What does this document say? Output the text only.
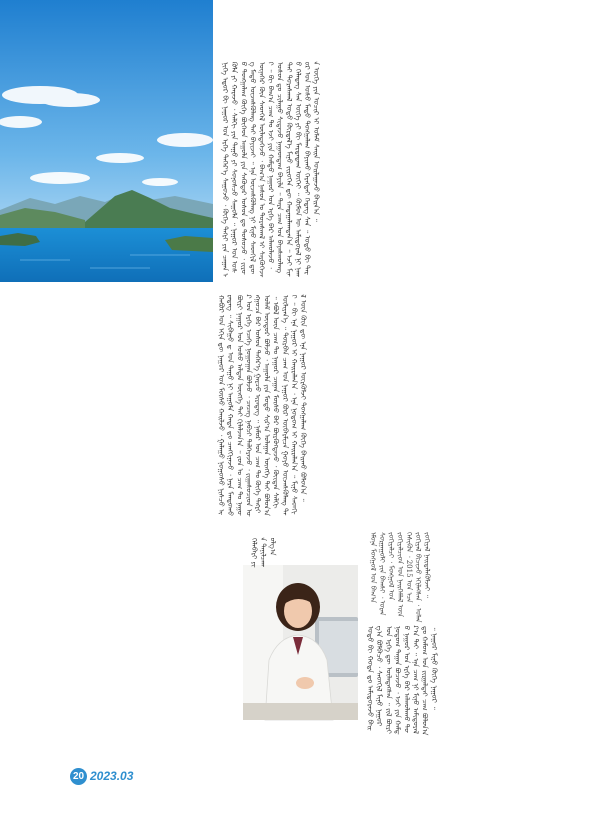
ᠨᠢᠭᠡ ᠡᠳᠦᠷ ᠪᠢ ᠨᠠᠭᠤᠷ ᠤᠨ ᠡᠷᠭᠡ ᠳᠡᠭᠡᠷ᠎ᠡ ᠰᠠᠭᠤᠵᠤ ᠂ ᠬᠥᠬᠡ ᠲᠩᠷᠢ ᠶᠢᠨ ᠴᠠᠭᠠᠨ ᠡᠭᠦᠯᠡ ᠶᠢ ᠬᠠᠷᠠᠵᠤ ᠂ ᠰᠠᠯᠬᠢ ᠶᠢᠨ ᠳᠠᠭᠤ ᠶᠢ ᠰᠣᠨᠣᠰᠴᠤ ᠰᠠᠭᠤᠯᠠ ᠃ ᠨᠠᠭᠤᠷ ᠤᠨ ᠤᠰᠤ ᠲᠤᠩᠭᠠᠯᠠᠭ ᠬᠥᠬᠡ ᠪᠥᠭᠡᠳ ᠠᠭᠤᠯᠠ ᠶᠢᠨ ᠰᠡᠭᠦᠳᠡᠷ ᠤᠰᠤᠨ ᠳᠤ ᠲᠤᠰᠤᠵᠤ ᠂ ᠵᠢᠷᠤᠭ ᠮᠡᠲᠦ ᠦᠵᠡᠰᠬᠦᠯᠡᠩ ᠲᠡᠢ ᠪᠠᠶᠢᠵᠠᠢ ᠃ ᠡᠨᠡ ᠦᠵᠡᠰᠬᠦᠯᠡᠩ ᠨᠢ ᠮᠢᠨᠤ ᠰᠡᠳᠬᠢᠯ ᠳᠦ ᠦᠨᠡᠬᠡᠷ ᠭᠦᠨ ᠰᠡᠳᠭᠡᠯ ᠦᠯᠡᠳᠡᠭᠡᠵᠦ ᠂ ᠪᠠᠭ᠎ᠠ ᠨᠠᠰᠤᠨ ᠤ ᠳᠤᠷᠠᠰᠬᠠᠯ ᠢ ᠰᠡᠷᠭᠦᠭᠡᠵᠡᠢ ᠃ ᠪᠢ ᠪᠠᠭ᠎ᠠ ᠴᠠᠭ ᠲᠤ ᠡᠵᠢ ᠶᠢᠨ ᠬᠠᠮᠲᠤ ᠨᠠᠭᠤᠷ ᠤᠨ ᠡᠷᠭᠡ ᠪᠡᠷ ᠠᠯᠬᠤᠯᠠᠵᠤ ᠂ ᠤᠰᠤᠨ ᠳᠤ ᠴᠢᠯᠠᠭᠤ ᠰᠢᠳᠡᠵᠦ ᠨᠠᠭᠠᠳᠳᠠᠭ ᠪᠠᠶᠢᠯᠠ ᠃ ᠲᠡᠷᠡ ᠴᠠᠭ ᠤᠨ ᠪᠠᠶᠠᠰᠬᠤᠯᠠᠩ ᠲᠠᠢ ᠳᠤᠷᠠᠰᠬᠠᠯ ᠣᠳᠣ ᠬᠦᠷᠲᠡᠯ᠎ᠡ ᠮᠢᠨᠤ ᠵᠢᠷᠦᠬᠡᠨ ᠳᠦ ᠬᠠᠳᠠᠭᠠᠯᠠᠭᠳᠠᠨ᠎ᠠ ᠃ ᠡᠵᠢ ᠮᠢᠨᠤ ᠬᠡᠯᠡᠳᠡᠭ ᠰᠡᠨ ᠦᠭᠡ ᠶᠢ ᠪᠢ ᠮᠠᠷᠲᠠᠳᠠᠭ ᠦᠭᠡᠢ ᠃ ᠬᠦᠮᠦᠨ ᠦ ᠠᠮᠢᠳᠤᠷᠠᠯ ᠨᠢ ᠨᠠᠭᠤᠷ ᠤᠨ ᠤᠰᠤ ᠮᠡᠲᠦ ᠲᠤᠩᠭᠠᠯᠠᠭ ᠪᠠᠶᠢᠬᠤ ᠬᠡᠷᠡᠭᠲᠡᠢ ᠭᠡᠳᠡᠭ ᠰᠡᠨ ᠃ ᠣᠳᠣ ᠪᠢ ᠲᠡᠷᠡ ᠦᠭᠡ ᠶᠢᠨ ᠤᠴᠢᠷ ᠢ ᠤᠯᠠᠮ ᠰᠠᠢᠨ ᠣᠢᠯᠠᠭᠠᠵᠤ ᠪᠠᠢᠨ᠎ᠠ ᠃
ᠬᠠᠪᠤᠷ ᠤᠨ ᠡᠬᠢᠨ ᠳᠦ ᠨᠠᠭᠤᠷ ᠤᠨ ᠮᠥᠰᠦ ᠬᠠᠢᠯᠵᠤ ᠂ ᠭᠠᠯᠠᠭᠤ ᠨᠤᠭᠤᠰᠤ ᠨᠢᠰᠴᠤ ᠢᠷᠡᠳᠡᠭ ᠃ ᠰᠢᠪᠠᠭᠤ ᠳ ᠤᠨ ᠳᠠᠭᠤ ᠨᠢ ᠠᠭᠤᠯᠠ ᠬᠠᠳᠠ ᠳᠤ ᠴᠠᠩᠭᠢᠨᠠᠵᠤ ᠂ ᠨᠠᠷᠠ ᠮᠠᠨᠳᠤᠬᠤ ᠪᠦᠷᠢ ᠨᠠᠭᠤᠷ ᠤᠨ ᠤᠰᠤ ᠠᠯᠲᠠᠨ ᠥᠩᠭᠡ ᠲᠡᠢ ᠭᠢᠯᠠᠯᠵᠠᠨ᠎ᠠ ᠃ ᠵᠤᠨ ᠤ ᠴᠠᠭ ᠲᠤ ᠨᠠᠭᠤᠷ ᠤᠨ ᠡᠷᠭᠡ ᠡᠴᠡᠭᠡ ᠨᠣᠭᠣᠭᠠᠨ ᠪᠣᠯᠵᠤ ᠂ ᠴᠡᠴᠡᠭ ᠨᠠᠪᠴᠢ ᠳᠡᠯᠭᠡᠷᠡᠵᠦ ᠂ ᠵᠢᠭᠠᠰᠤᠴᠢᠳ ᠣᠩᠭᠣᠴᠠ ᠪᠠᠷ ᠤᠰᠤᠨ ᠳᠡᠭᠡᠷ᠎ᠡ ᠭᠠᠷᠴᠤ ᠢᠷᠡᠳᠡᠭ ᠃ ᠨᠠᠮᠤᠷ ᠤᠨ ᠴᠠᠭ ᠲᠤ ᠬᠥᠬᠡ ᠲᠩᠷᠢ ᠤᠯᠠᠮ ᠥᠨᠳᠦᠷ ᠪᠣᠯᠵᠤ ᠂ ᠠᠭᠤᠯᠠ ᠶᠢᠨ ᠮᠣᠳᠤ ᠰᠢᠷ᠎ᠠ ᠤᠯᠠᠭᠠᠨ ᠥᠩᠭᠡ ᠲᠡᠢ ᠪᠣᠯᠣᠨ᠎ᠠ ᠃ ᠡᠪᠦᠯ ᠦᠨ ᠴᠠᠭ ᠲᠤ ᠨᠠᠭᠤᠷ ᠴᠠᠭᠠᠨ ᠮᠥᠰᠦ ᠪᠡᠷ ᠪᠦᠷᠬᠦᠭᠳᠡᠵᠦ ᠂ ᠬᠦᠢᠲᠡᠨ ᠰᠠᠯᠬᠢ ᠦᠯᠢᠶᠡᠨ᠎ᠡ ᠃ ᠳᠥᠷᠪᠡᠨ ᠴᠠᠭ ᠤᠨ ᠨᠠᠭᠤᠷ ᠪᠦᠷ ᠥᠪᠡᠷᠮᠢᠴᠡ ᠭᠣᠶᠣ ᠦᠵᠡᠰᠬᠦᠯᠡᠩ ᠲᠡᠢ ᠃ ᠪᠢ ᠡᠨᠡ ᠨᠠᠭᠤᠷ ᠢ ᠬᠠᠢᠷᠠᠯᠠᠨ᠎ᠠ ᠂ ᠡᠨᠡ ᠨᠤᠲᠤᠭ ᠢ ᠬᠠᠢᠷᠠᠯᠠᠨ᠎ᠠ ᠃ ᠮᠢᠨᠤ ᠰᠡᠳᠬᠢᠯ ᠦᠨ ᠭᠦᠨ ᠳᠦ ᠡᠨᠡ ᠨᠠᠭᠤᠷ ᠦᠷᠭᠦᠯᠵᠢ ᠲᠤᠩᠭᠠᠯᠠᠭ ᠬᠥᠬᠡ ᠪᠠᠢᠬᠤ ᠪᠣᠯᠤᠨ᠎ᠠ ᠃
ᠡᠮᠦᠨᠡ ᠮᠣᠩᠭᠣᠯ ᠤᠨ ᠪᠠᠭ᠎ᠠ ᠰᠤᠷᠭᠠᠭᠤᠯᠢ ᠶᠢᠨ ᠪᠠᠭᠰᠢ ᠂ ᠤᠷᠠᠨ ᠵᠣᠬᠢᠶᠠᠯᠴᠢ ᠂ ᠮᠣᠩᠭᠣᠯ ᠤᠨ ᠵᠣᠬᠢᠶᠠᠯᠴᠢᠳ ᠤᠨ ᠨᠡᠢᠭᠡᠮᠯᠡᠯ ᠦᠨ ᠭᠡᠰᠢᠭᠦᠨ ᠂ 2015 ᠣᠨ ᠡᠴᠡ ᠵᠣᠬᠢᠶᠠᠯ ᠪᠢᠴᠢᠵᠦ ᠡᠬᠢᠯᠡᠭᠰᠡᠨ ᠂ ᠣᠯᠠᠨ ᠵᠣᠬᠢᠶᠠᠯ ᠨᠡᠢᠲᠡᠯᠡᠭᠦᠯᠵᠡᠢ ᠃
ᠣᠳᠣ ᠪᠢ ᠬᠣᠲᠠ ᠳᠤ ᠠᠮᠢᠳᠤᠷᠠᠵᠤ ᠪᠠᠢᠭ᠎ᠠ ᠪᠣᠯᠪᠠᠴᠤ ᠂ ᠰᠡᠳᠬᠢᠯ ᠮᠢᠨᠤ ᠨᠠᠭᠤᠷ ᠤᠨ ᠡᠷᠭᠡ ᠳᠦ ᠦᠯᠡᠳᠡᠭᠰᠡᠨ ᠃ ᠵᠢᠯ ᠪᠦᠷᠢ ᠨᠤᠲᠤᠭ ᠲᠠᠭᠠᠨ ᠪᠤᠴᠠᠵᠤ ᠂ ᠡᠵᠢ ᠶᠢᠨ ᠬᠠᠮᠲᠤ ᠨᠠᠭᠤᠷ ᠤᠨ ᠡᠷᠭᠡ ᠪᠡᠷ ᠠᠯᠬᠤᠯᠠᠬᠤ ᠳᠤᠷ᠎ᠠ ᠲᠠᠢ ᠃ ᠡᠨᠡ ᠴᠠᠭ ᠨᠢ ᠮᠢᠨᠤ ᠠᠮᠢᠳᠤᠷᠠᠯ ᠳᠤ ᠬᠠᠮᠤᠭ ᠤᠨ ᠵᠢᠷᠭᠠᠯᠲᠠᠢ ᠴᠠᠭ ᠪᠣᠯᠤᠨ᠎ᠠ ᠃ ᠨᠠᠭᠤᠷ ᠮᠢᠨᠤ ᠬᠥᠬᠡ ᠨᠠᠭᠤᠷ ᠃
ᠬᠡᠯᠡᠪᠡᠷᠢ ᠶᠢᠨ ᠲᠠᠨᠢᠯᠴᠠᠭᠤᠯᠭ᠎ᠠ
20 2023.03
